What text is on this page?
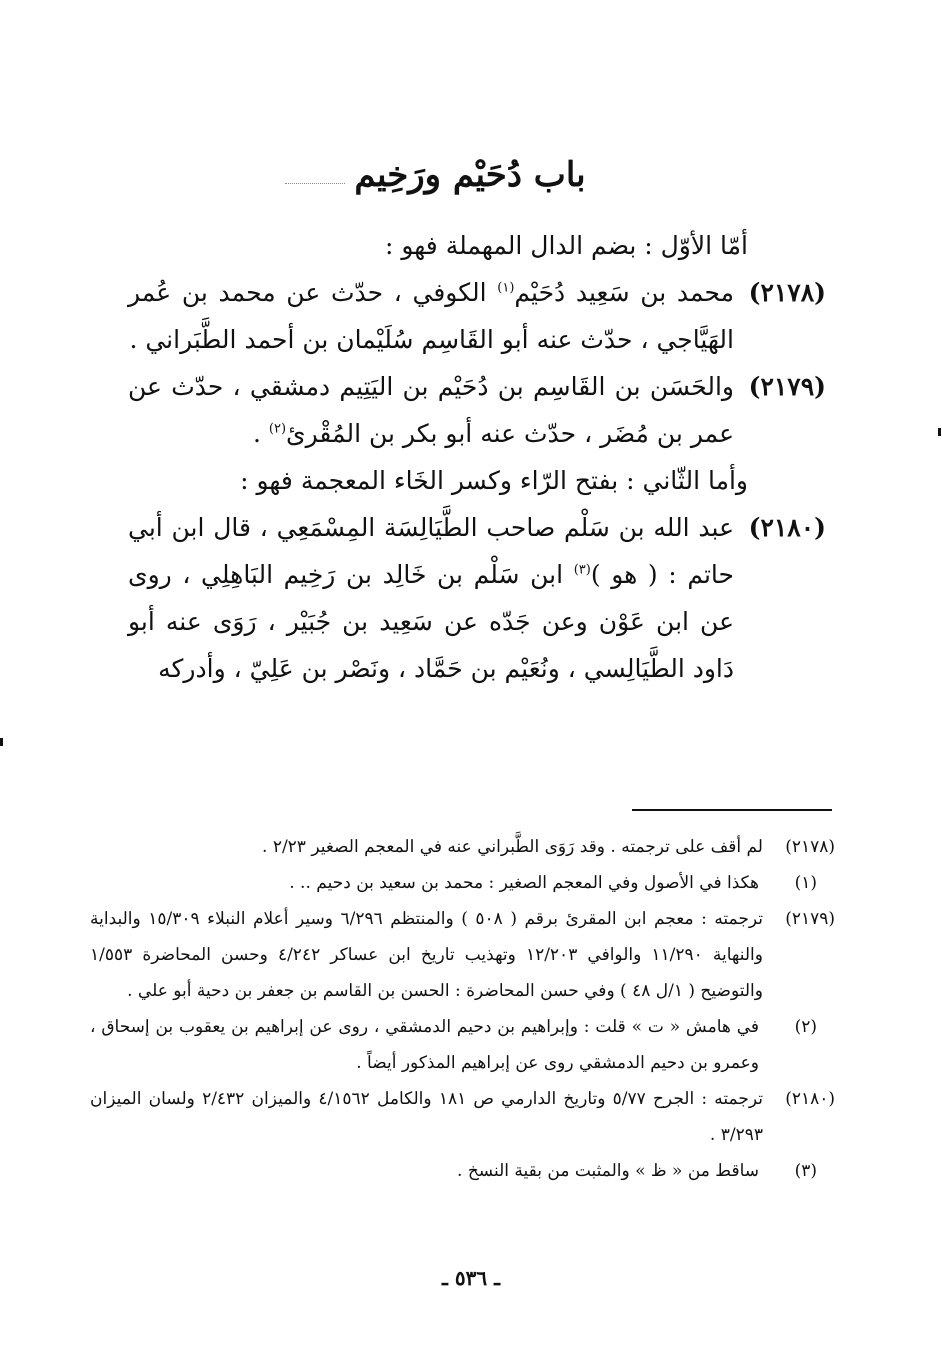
باب دُحَيْم ورَخِيم
أمّا الأوّل : بضم الدال المهملة فهو :
(٢١٧٨)
محمد بن سَعِيد دُحَيْم$^{(١)}$ الكوفي ، حدّث عن محمد بن عُمر الهَيَّاجي ، حدّث عنه أبو القَاسِم سُلَيْمان بن أحمد الطَّبَراني .
(٢١٧٩)
والحَسَن بن القَاسِم بن دُحَيْم بن اليَتِيم دمشقي ، حدّث عن عمر بن مُضَر ، حدّث عنه أبو بكر بن المُقْرئ$^{(٢)}$ .
وأما الثّاني : بفتح الرّاء وكسر الخَاء المعجمة فهو :
(٢١٨٠)
عبد الله بن سَلْم صاحب الطَّيَالِسَة المِسْمَعِي ، قال ابن أبي حاتم : ( هو )$^{(٣)}$ ابن سَلْم بن خَالِد بن رَخِيم البَاهِلِي ، روى عن ابن عَوْن وعن جَدّه عن سَعِيد بن جُبَيْر ، رَوَى عنه أبو دَاود الطَّيَالِسي ، ونُعَيْم بن حَمَّاد ، ونَصْر بن عَلِيّ ، وأدركه
(٢١٧٨)
لم أقف على ترجمته . وقد رَوَى الطَّبراني عنه في المعجم الصغير ٢/٢٣ .
(١)
هكذا في الأصول وفي المعجم الصغير : محمد بن سعيد بن دحيم .. .
(٢١٧٩)
ترجمته : معجم ابن المقرئ برقم ( ٥٠٨ ) والمنتظم ٦/٢٩٦ وسير أعلام النبلاء ١٥/٣٠٩ والبداية والنهاية ١١/٢٩٠ والوافي ١٢/٢٠٣ وتهذيب تاريخ ابن عساكر ٤/٢٤٢ وحسن المحاضرة ١/٥٥٣ والتوضيح ( ١/ل ٤٨ ) وفي حسن المحاضرة : الحسن بن القاسم بن جعفر بن دحية أبو علي .
(٢)
في هامش « ت » قلت : وإبراهيم بن دحيم الدمشقي ، روى عن إبراهيم بن يعقوب بن إسحاق ، وعمرو بن دحيم الدمشقي روى عن إبراهيم المذكور أيضاً .
(٢١٨٠)
ترجمته : الجرح ٥/٧٧ وتاريخ الدارمي ص ١٨١ والكامل ٤/١٥٦٢ والميزان ٢/٤٣٢ ولسان الميزان ٣/٢٩٣ .
(٣)
ساقط من « ظ » والمثبت من بقية النسخ .
ـ ٥٣٦ ـ
